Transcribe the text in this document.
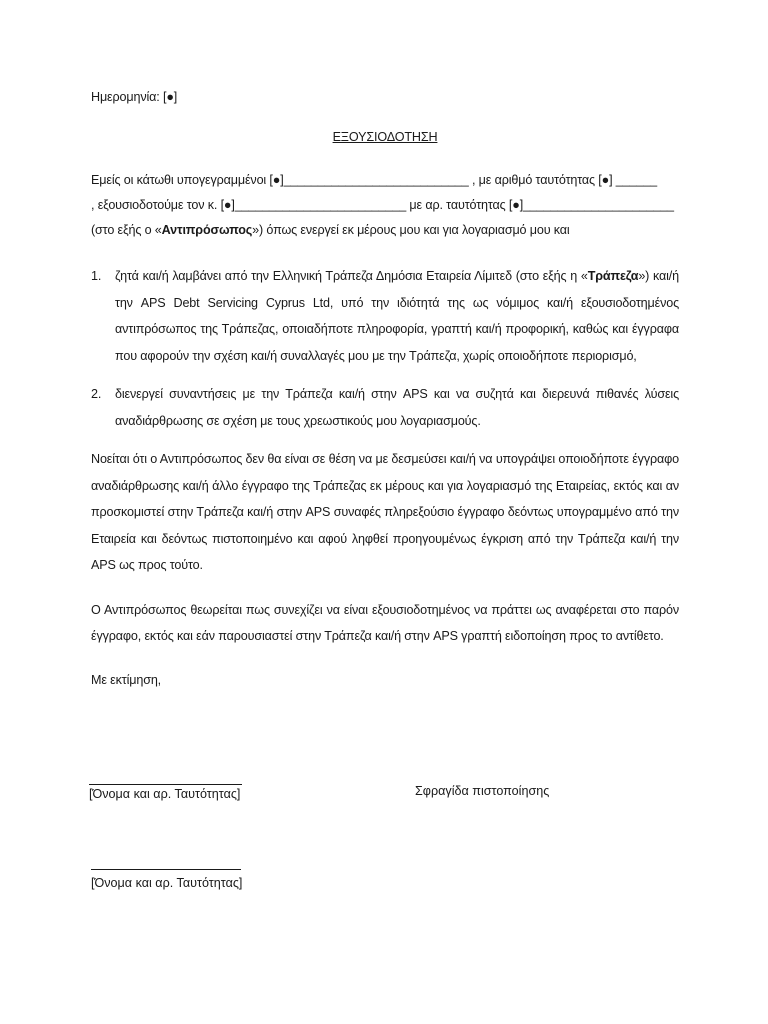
Ημερομηνία: [●]
ΕΞΟΥΣΙΟΔΟΤΗΣΗ

Εμείς οι κάτωθι υπογεγραμμένοι [●]___________________________ , με αριθμό ταυτότητας [●] ______

, εξουσιοδοτούμε τον κ. [●]_________________________ με αρ. ταυτότητας [●]______________________

(στο εξής ο «Αντιπρόσωπος») όπως ενεργεί εκ μέρους μου και για λογαριασμό μου και

1. ζητά και/ή λαμβάνει από την Ελληνική Τράπεζα Δημόσια Εταιρεία Λίμιτεδ (στο εξής η «Τράπεζα») και/ή την APS Debt Servicing Cyprus Ltd, υπό την ιδιότητά της ως νόμιμος και/ή εξουσιοδοτημένος αντιπρόσωπος της Τράπεζας, οποιαδήποτε πληροφορία, γραπτή και/ή προφορική, καθώς και έγγραφα που αφορούν την σχέση και/ή συναλλαγές μου με την Τράπεζα, χωρίς οποιοδήποτε περιορισμό,
2. διενεργεί συναντήσεις με την Τράπεζα και/ή στην APS και να συζητά και διερευνά πιθανές λύσεις αναδιάρθρωσης σε σχέση με τους χρεωστικούς μου λογαριασμούς.

Νοείται ότι ο Αντιπρόσωπος δεν θα είναι σε θέση να με δεσμεύσει και/ή να υπογράψει οποιοδήποτε έγγραφο αναδιάρθρωσης και/ή άλλο έγγραφο της Τράπεζας εκ μέρους και για λογαριασμό της Εταιρείας, εκτός και αν προσκομιστεί στην Τράπεζα και/ή στην APS συναφές πληρεξούσιο έγγραφο δεόντως υπογραμμένο από την Εταιρεία και δεόντως πιστοποιημένο και αφού ληφθεί προηγουμένως έγκριση από την Τράπεζα και/ή την APS ως προς τούτο.

Ο Αντιπρόσωπος θεωρείται πως συνεχίζει να είναι εξουσιοδοτημένος να πράττει ως αναφέρεται στο παρόν έγγραφο, εκτός και εάν παρουσιαστεί στην Τράπεζα και/ή στην APS γραπτή ειδοποίηση προς το αντίθετο.

Με εκτίμηση,
[Όνομα και αρ. Ταυτότητας]	Σφραγίδα πιστοποίησης
[Όνομα και αρ. Ταυτότητας]
